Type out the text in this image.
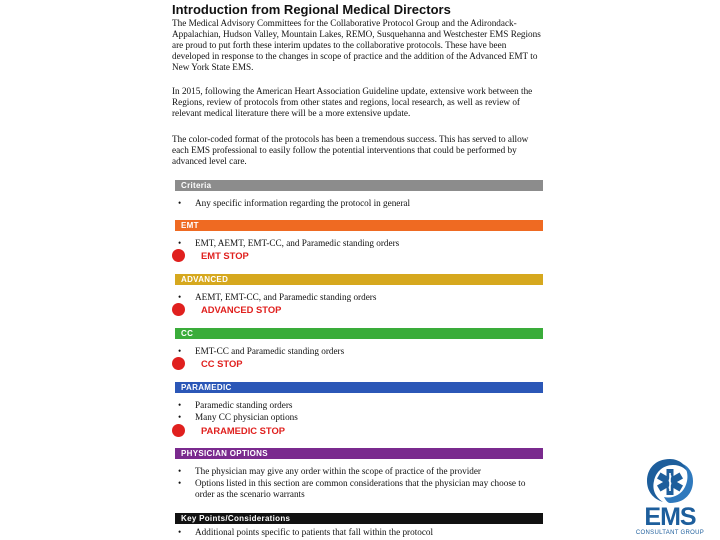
Introduction from Regional Medical Directors

The Medical Advisory Committees for the Collaborative Protocol Group and the Adirondack-Appalachian, Hudson Valley, Mountain Lakes, REMO, Susquehanna and Westchester EMS Regions are proud to put forth these interim updates to the collaborative protocols. These have been developed in response to the changes in scope of practice and the addition of the Advanced EMT to New York State EMS.

In 2015, following the American Heart Association Guideline update, extensive work between the Regions, review of protocols from other states and regions, local research, as well as review of relevant medical literature there will be a more extensive update.

The color-coded format of the protocols has been a tremendous success. This has served to allow each EMS professional to easily follow the potential interventions that could be performed by advanced level care.

Criteria
• Any specific information regarding the protocol in general
EMT
• EMT, AEMT, EMT-CC, and Paramedic standing orders
EMT STOP
ADVANCED
• AEMT, EMT-CC, and Paramedic standing orders
ADVANCED STOP
CC
• EMT-CC and Paramedic standing orders
CC STOP
PARAMEDIC
• Paramedic standing orders
• Many CC physician options
PARAMEDIC STOP
PHYSICIAN OPTIONS
• The physician may give any order within the scope of practice of the provider
• Options listed in this section are common considerations that the physician may choose to order as the scenario warrants
Key Points/Considerations
• Additional points specific to patients that fall within the protocol
EMS
CONSULTANT GROUP
